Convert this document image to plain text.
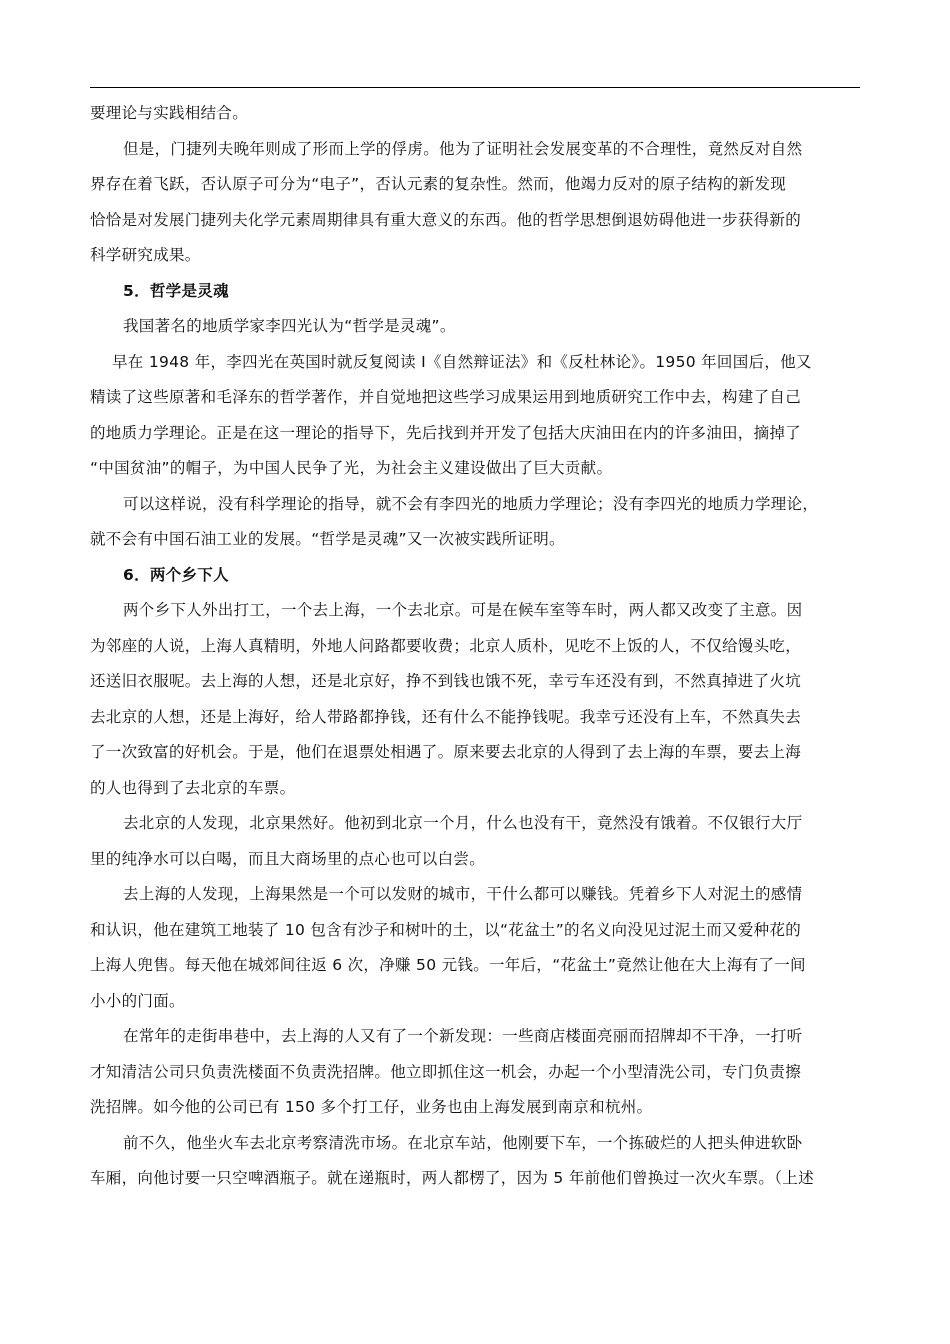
要理论与实践相结合。
但是，门捷列夫晚年则成了形而上学的俘虏。他为了证明社会发展变革的不合理性，竟然反对自然
界存在着飞跃，否认原子可分为“电子”，否认元素的复杂性。然而，他竭力反对的原子结构的新发现
恰恰是对发展门捷列夫化学元素周期律具有重大意义的东西。他的哲学思想倒退妨碍他进一步获得新的
科学研究成果。
5．哲学是灵魂
我国著名的地质学家李四光认为“哲学是灵魂”。
早在 1948 年，李四光在英国时就反复阅读 I《自然辩证法》和《反杜林论》。1950 年回国后，他又
精读了这些原著和毛泽东的哲学著作，并自觉地把这些学习成果运用到地质研究工作中去，构建了自己
的地质力学理论。正是在这一理论的指导下，先后找到并开发了包括大庆油田在内的许多油田，摘掉了
“中国贫油”的帽子，为中国人民争了光，为社会主义建设做出了巨大贡献。
可以这样说，没有科学理论的指导，就不会有李四光的地质力学理论；没有李四光的地质力学理论，
就不会有中国石油工业的发展。“哲学是灵魂”又一次被实践所证明。
6．两个乡下人
两个乡下人外出打工，一个去上海，一个去北京。可是在候车室等车时，两人都又改变了主意。因
为邻座的人说，上海人真精明，外地人问路都要收费；北京人质朴，见吃不上饭的人，不仅给馒头吃，
还送旧衣服呢。去上海的人想，还是北京好，挣不到钱也饿不死，幸亏车还没有到，不然真掉进了火坑
去北京的人想，还是上海好，给人带路都挣钱，还有什么不能挣钱呢。我幸亏还没有上车，不然真失去
了一次致富的好机会。于是，他们在退票处相遇了。原来要去北京的人得到了去上海的车票，要去上海
的人也得到了去北京的车票。
去北京的人发现，北京果然好。他初到北京一个月，什么也没有干，竟然没有饿着。不仅银行大厅
里的纯净水可以白喝，而且大商场里的点心也可以白尝。
去上海的人发现，上海果然是一个可以发财的城市，干什么都可以赚钱。凭着乡下人对泥土的感情
和认识，他在建筑工地装了 10 包含有沙子和树叶的土，以“花盆土”的名义向没见过泥土而又爱种花的
上海人兜售。每天他在城郊间往返 6 次，净赚 50 元钱。一年后，“花盆土”竟然让他在大上海有了一间
小小的门面。
在常年的走街串巷中，去上海的人又有了一个新发现：一些商店楼面亮丽而招牌却不干净，一打听
才知清洁公司只负责洗楼面不负责洗招牌。他立即抓住这一机会，办起一个小型清洗公司，专门负责擦
洗招牌。如今他的公司已有 150 多个打工仔，业务也由上海发展到南京和杭州。
前不久，他坐火车去北京考察清洗市场。在北京车站，他刚要下车，一个拣破烂的人把头伸进软卧
车厢，向他讨要一只空啤酒瓶子。就在递瓶时，两人都楞了，因为 5 年前他们曾换过一次火车票。（上述
